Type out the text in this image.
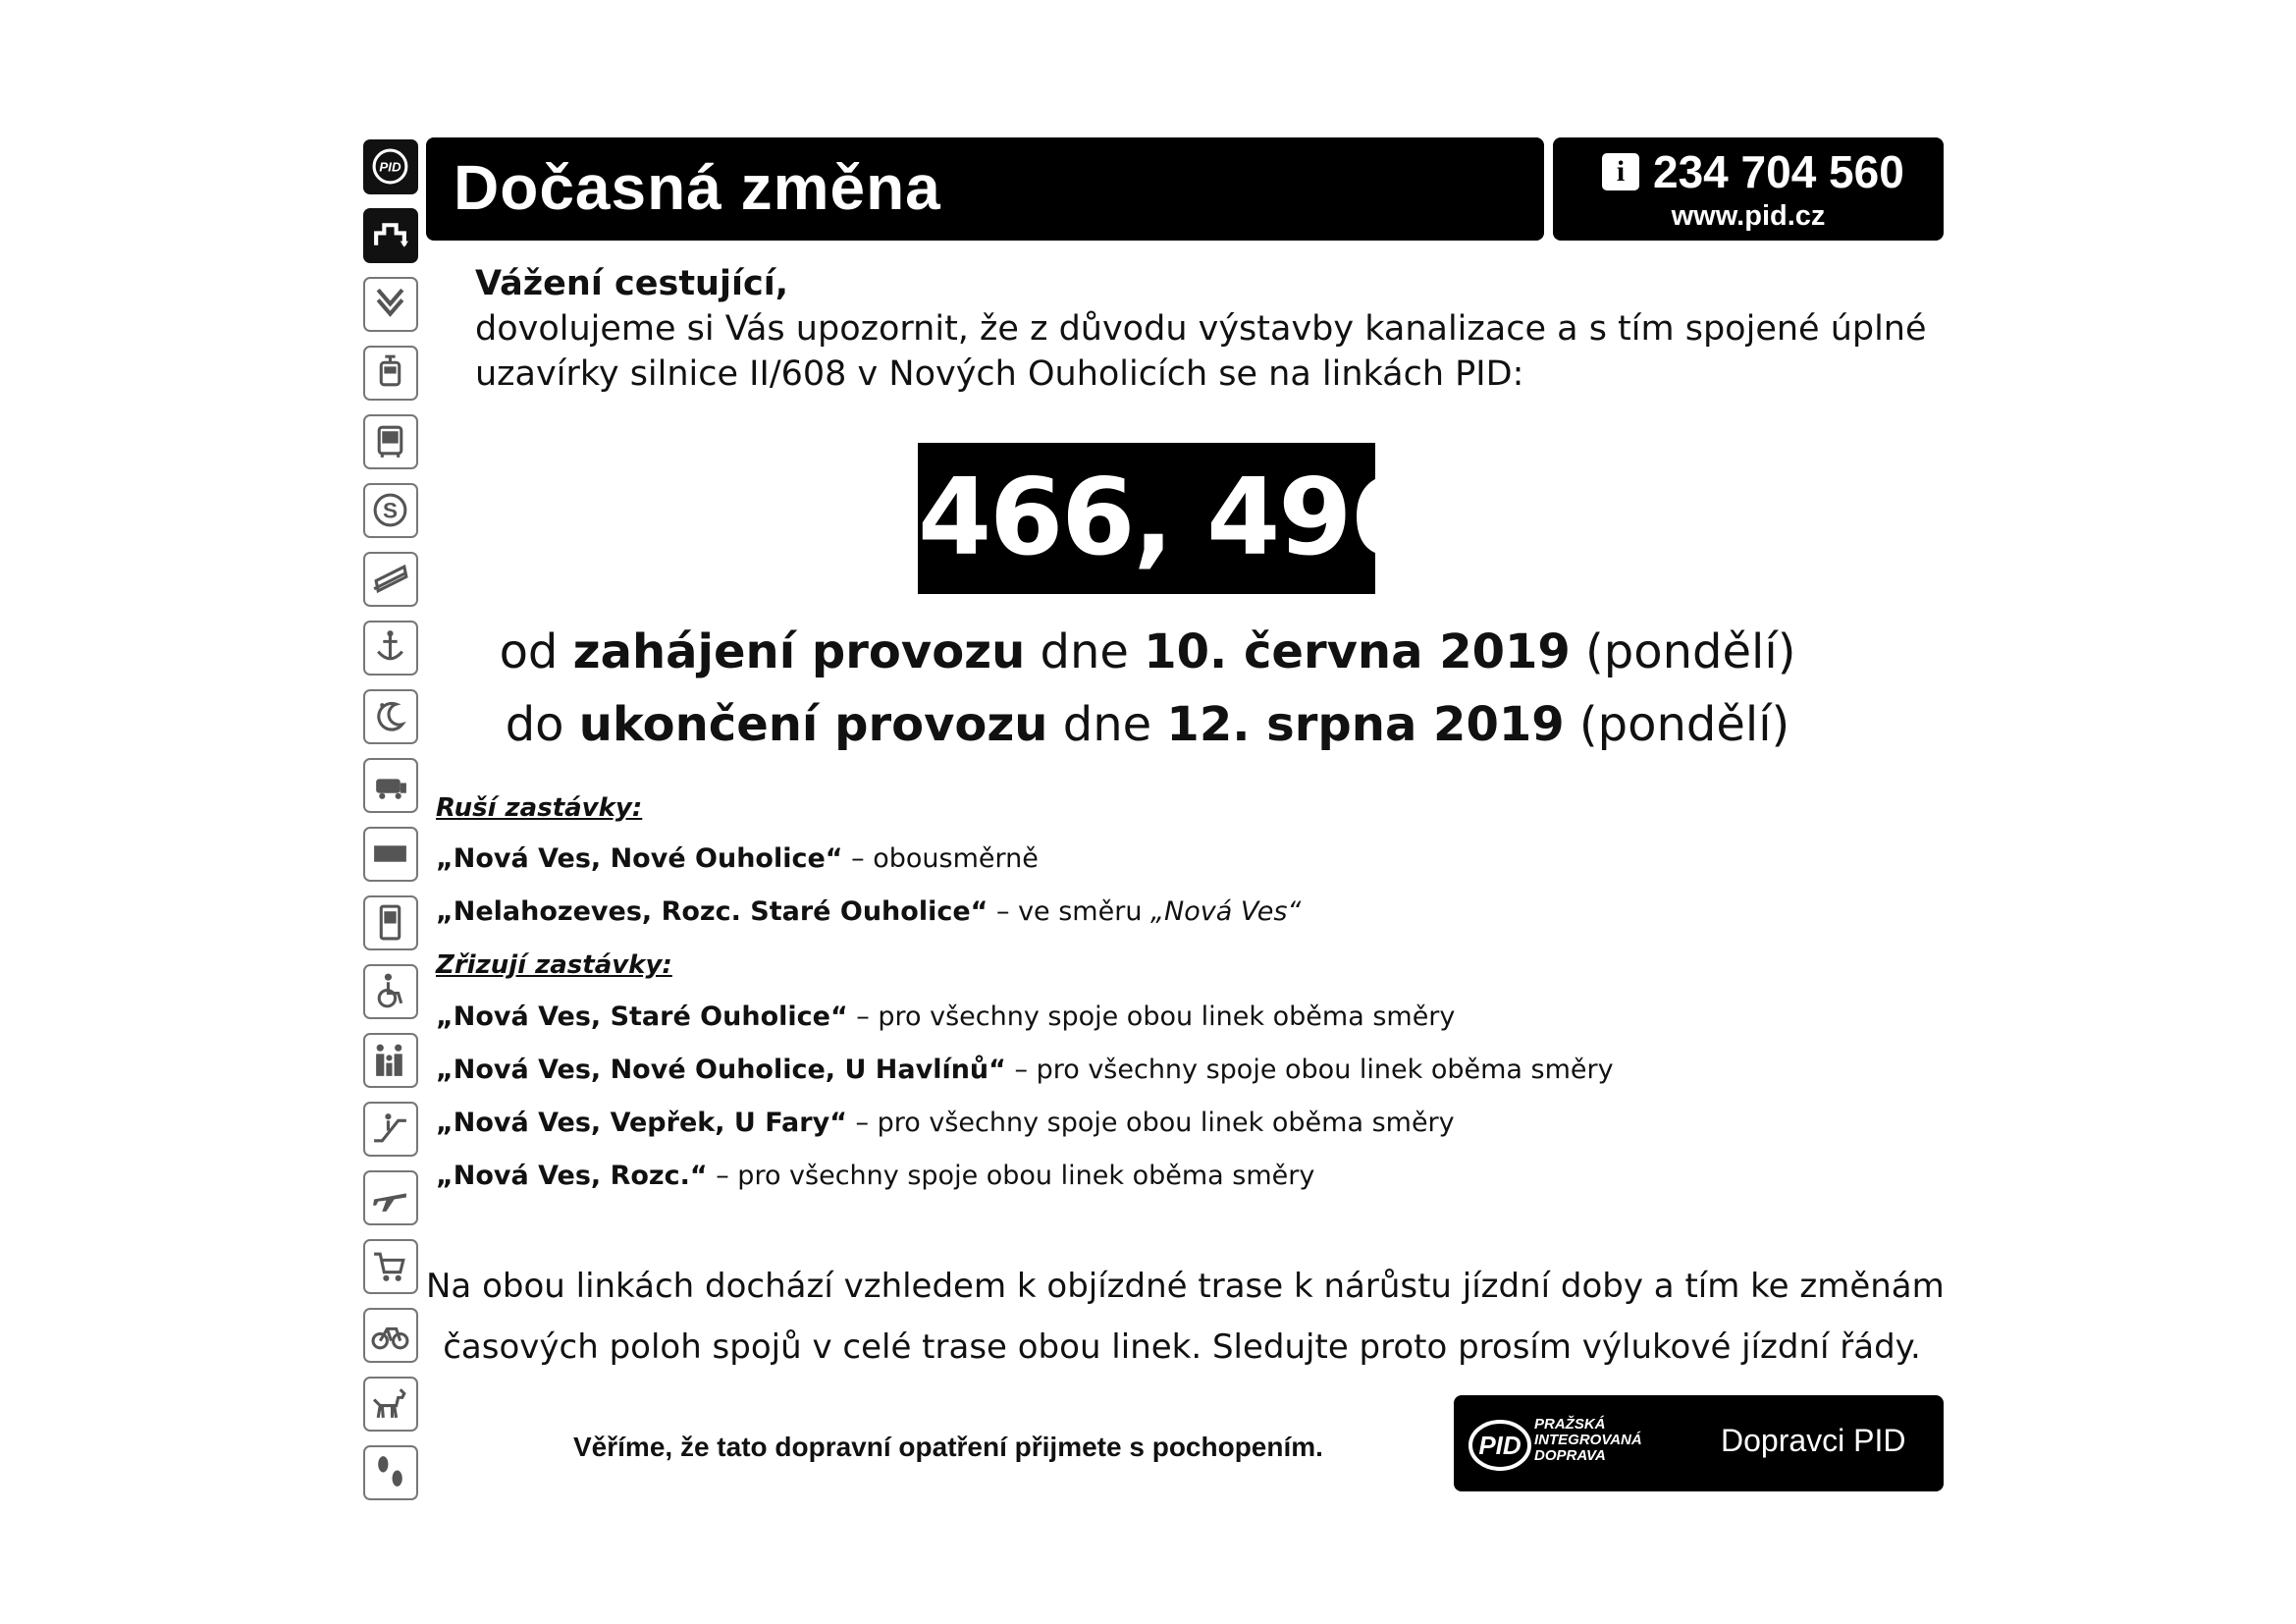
PID
S
Dočasná změna	i 234 704 560
www.pid.cz
Vážení cestující,
dovolujeme si Vás upozornit, že z důvodu výstavby kanalizace a s tím spojené úplné
uzavírky silnice II/608 v Nových Ouholicích se na linkách PID:
466, 496
od zahájení provozu dne 10. června 2019 (pondělí)
do ukončení provozu dne 12. srpna 2019 (pondělí)
Ruší zastávky:
„Nová Ves, Nové Ouholice“ – obousměrně
„Nelahozeves, Rozc. Staré Ouholice“ – ve směru „Nová Ves“
Zřizují zastávky:
„Nová Ves, Staré Ouholice“ – pro všechny spoje obou linek oběma směry
„Nová Ves, Nové Ouholice, U Havlínů“ – pro všechny spoje obou linek oběma směry
„Nová Ves, Vepřek, U Fary“ – pro všechny spoje obou linek oběma směry
„Nová Ves, Rozc.“ – pro všechny spoje obou linek oběma směry
Na obou linkách dochází vzhledem k objízdné trase k nárůstu jízdní doby a tím ke změnám
časových poloh spojů v celé trase obou linek. Sledujte proto prosím výlukové jízdní řády.
Věříme, že tato dopravní opatření přijmete s pochopením.	PID
PRAŽSKÁ
INTEGROVANÁ
DOPRAVA	Dopravci PID
